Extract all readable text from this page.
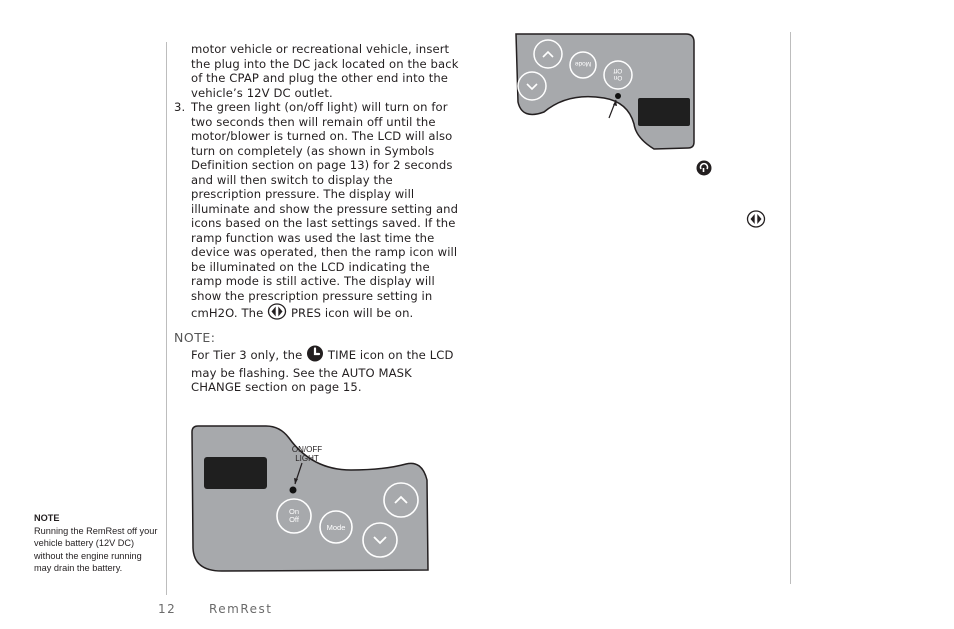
motor vehicle or recreational vehicle, insert the plug into the DC jack located on the back of the CPAP and plug the other end into the vehicle’s 12V DC outlet.

3. The green light (on/off light) will turn on for two seconds then will remain off until the motor/blower is turned on. The LCD will also turn on completely (as shown in Symbols Definition section on page 13) for 2 seconds and will then switch to display the prescription pressure. The display will illuminate and show the pressure setting and icons based on the last settings saved. If the ramp function was used the last time the device was operated, then the ramp icon will be illuminated on the LCD indicating the ramp mode is still active. The display will show the prescription pressure setting in cmH2O. The PRES icon will be on.

NOTE:

For Tier 3 only, the TIME icon on the LCD may be flashing. See the AUTO MASK CHANGE section on page 15.

ON/OFF
LIGHT
On
Off
Mode
Mode
On
Off
NOTE
Running the RemRest off your vehicle battery (12V DC) without the engine running may drain the battery.
12	RemRest
